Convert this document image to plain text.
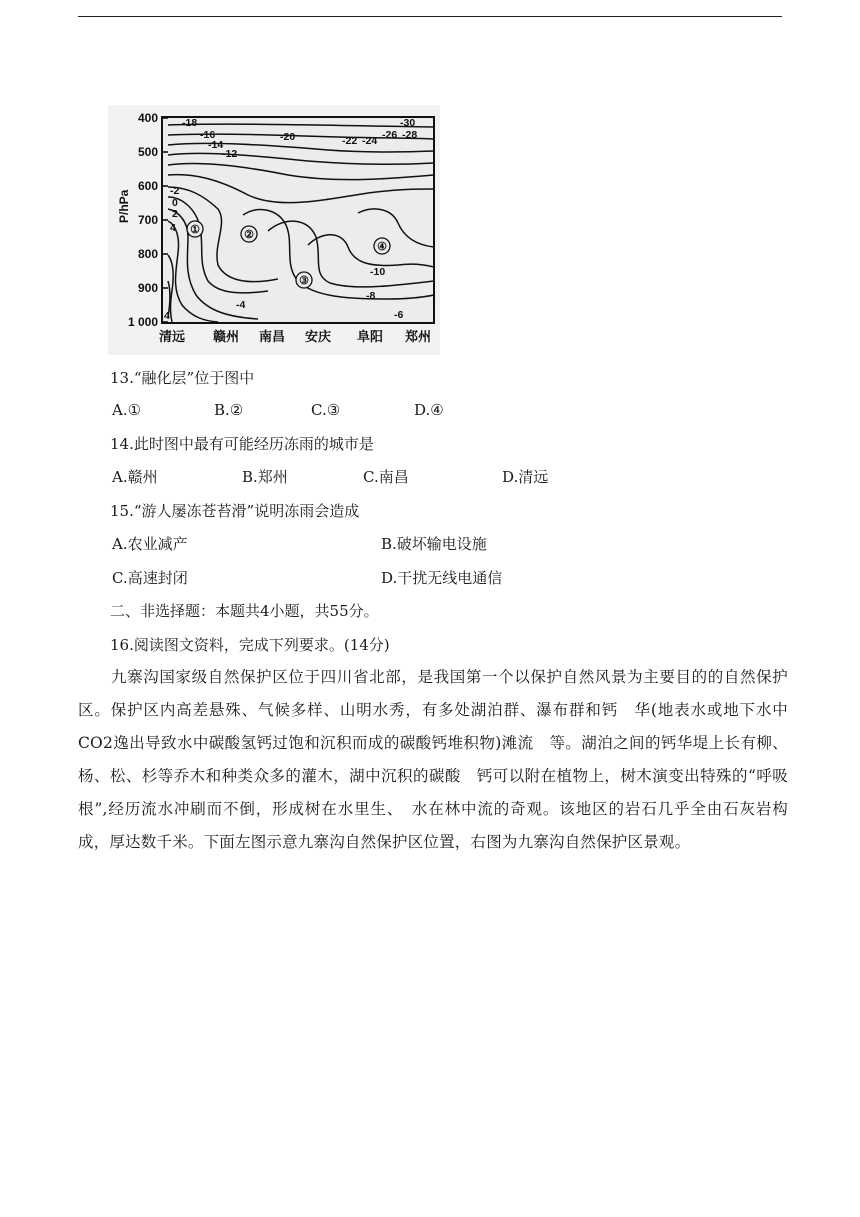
①	②
③
④
-18
-16
-14
-12
-20	-22 -24 -26 -28
-30
-2
0
2
4
4
-4
-6
-8
-10
400
500
600
700
800
900
1 000
P/hPa
清远 赣州 南昌 安庆 阜阳 郑州
13.“融化层”位于图中
A.①	B.②	C.③	D.④
14.此时图中最有可能经历冻雨的城市是
A.赣州	B.郑州	C.南昌	D.清远
15.“游人屡冻苍苔滑”说明冻雨会造成
A.农业减产	B.破坏输电设施
C.高速封闭	D.干扰无线电通信
二、非选择题：本题共4小题，共55分。
16.阅读图文资料，完成下列要求。(14分)
九寨沟国家级自然保护区位于四川省北部，是我国第一个以保护自然风景为主要目的的自然保护区。保护区内高差悬殊、气候多样、山明水秀，有多处湖泊群、瀑布群和钙　华(地表水或地下水中CO2逸出导致水中碳酸氢钙过饱和沉积而成的碳酸钙堆积物)滩流　等。湖泊之间的钙华堤上长有柳、杨、松、杉等乔木和种类众多的灌木，湖中沉积的碳酸　钙可以附在植物上，树木演变出特殊的“呼吸根”,经历流水冲刷而不倒，形成树在水里生、　水在林中流的奇观。该地区的岩石几乎全由石灰岩构成，厚达数千米。下面左图示意九寨沟自然保护区位置，右图为九寨沟自然保护区景观。
